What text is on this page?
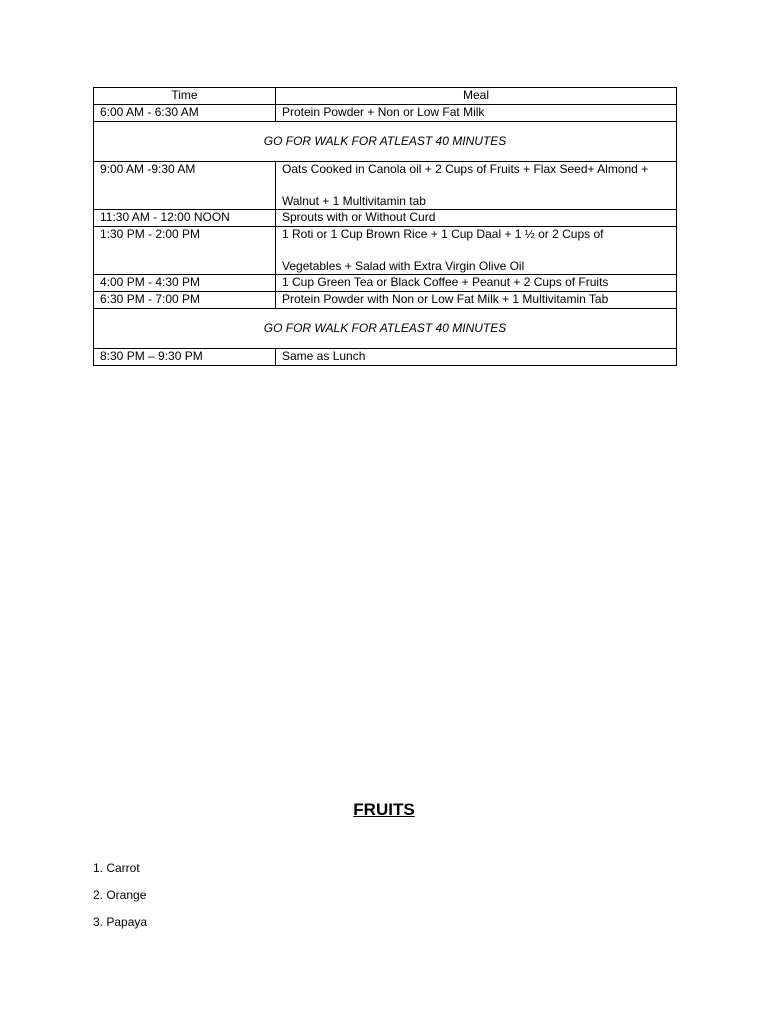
Time	Meal
6:00 AM - 6:30 AM	Protein Powder + Non or Low Fat Milk
GO FOR WALK FOR ATLEAST 40 MINUTES	
9:00 AM -9:30 AM	Oats Cooked in Canola oil + 2 Cups of Fruits + Flax Seed+ Almond +
Walnut + 1 Multivitamin tab

11:30 AM - 12:00 NOON	Sprouts with or Without Curd
1:30 PM - 2:00 PM	1 Roti or 1 Cup Brown Rice + 1 Cup Daal + 1 ½ or 2 Cups of
Vegetables + Salad with Extra Virgin Olive Oil

4:00 PM - 4:30 PM	1 Cup Green Tea or Black Coffee + Peanut + 2 Cups of Fruits
6:30 PM - 7:00 PM	Protein Powder with Non or Low Fat Milk + 1 Multivitamin Tab
GO FOR WALK FOR ATLEAST 40 MINUTES	
8:30 PM – 9:30 PM	Same as Lunch
FRUITS
1. Carrot
2. Orange
3. Papaya
